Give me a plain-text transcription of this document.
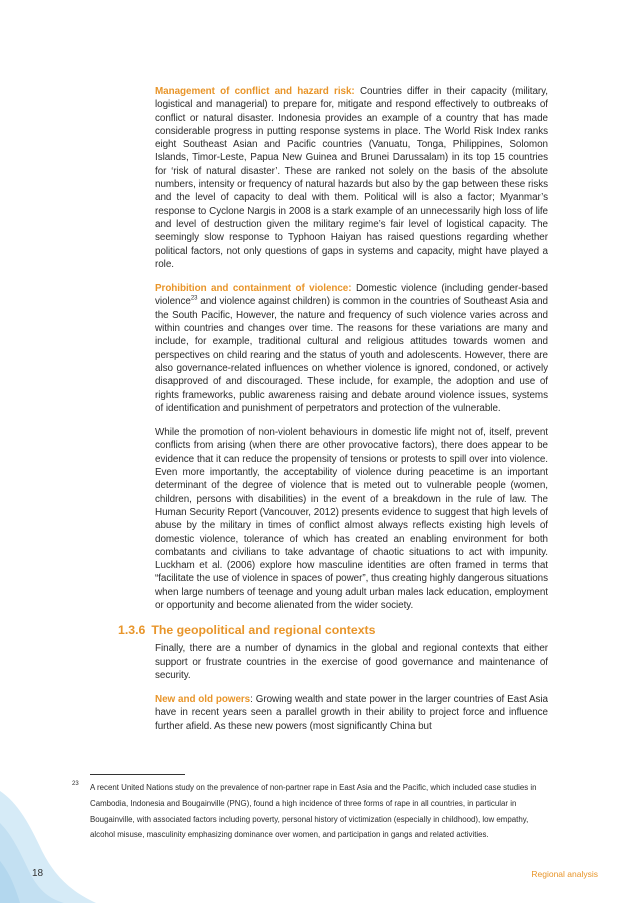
Management of conflict and hazard risk: Countries differ in their capacity (military, logistical and managerial) to prepare for, mitigate and respond effectively to outbreaks of conflict or natural disaster. Indonesia provides an example of a country that has made considerable progress in putting response systems in place. The World Risk Index ranks eight Southeast Asian and Pacific countries (Vanuatu, Tonga, Philippines, Solomon Islands, Timor-Leste, Papua New Guinea and Brunei Darussalam) in its top 15 countries for ‘risk of natural disaster’. These are ranked not solely on the basis of the absolute numbers, intensity or frequency of natural hazards but also by the gap between these risks and the level of capacity to deal with them. Political will is also a factor; Myanmar’s response to Cyclone Nargis in 2008 is a stark example of an unnecessarily high loss of life and level of destruction given the military regime’s fair level of logistical capacity. The seemingly slow response to Typhoon Haiyan has raised questions regarding whether political factors, not only questions of gaps in systems and capacity, might have played a role.

Prohibition and containment of violence: Domestic violence (including gender-based violence$^{23}$ and violence against children) is common in the countries of Southeast Asia and the South Pacific, However, the nature and frequency of such violence varies across and within countries and changes over time. The reasons for these variations are many and include, for example, traditional cultural and religious attitudes towards women and perspectives on child rearing and the status of youth and adolescents. However, there are also governance-related influences on whether violence is ignored, condoned, or actively disapproved of and discouraged. These include, for example, the adoption and use of rights frameworks, public awareness raising and debate around violence issues, systems of identification and punishment of perpetrators and protection of the vulnerable.

While the promotion of non-violent behaviours in domestic life might not of, itself, prevent conflicts from arising (when there are other provocative factors), there does appear to be evidence that it can reduce the propensity of tensions or protests to spill over into violence. Even more importantly, the acceptability of violence during peacetime is an important determinant of the degree of violence that is meted out to vulnerable people (women, children, persons with disabilities) in the event of a breakdown in the rule of law. The Human Security Report (Vancouver, 2012) presents evidence to suggest that high levels of abuse by the military in times of conflict almost always reflects existing high levels of domestic violence, tolerance of which has created an enabling environment for both combatants and civilians to take advantage of chaotic situations to act with impunity. Luckham et al. (2006) explore how masculine identities are often framed in terms that “facilitate the use of violence in spaces of power”, thus creating highly dangerous situations when large numbers of teenage and young adult urban males lack education, employment or opportunity and become alienated from the wider society.

1.3.6 The geopolitical and regional contexts

Finally, there are a number of dynamics in the global and regional contexts that either support or frustrate countries in the exercise of good governance and maintenance of security.

New and old powers: Growing wealth and state power in the larger countries of East Asia have in recent years seen a parallel growth in their ability to project force and influence further afield. As these new powers (most significantly China but

23 A recent United Nations study on the prevalence of non-partner rape in East Asia and the Pacific, which included case studies in Cambodia, Indonesia and Bougainville (PNG), found a high incidence of three forms of rape in all countries, in particular in Bougainville, with associated factors including poverty, personal history of victimization (especially in childhood), low empathy, alcohol misuse, masculinity emphasizing dominance over women, and participation in gangs and related activities.
18	Regional analysis
